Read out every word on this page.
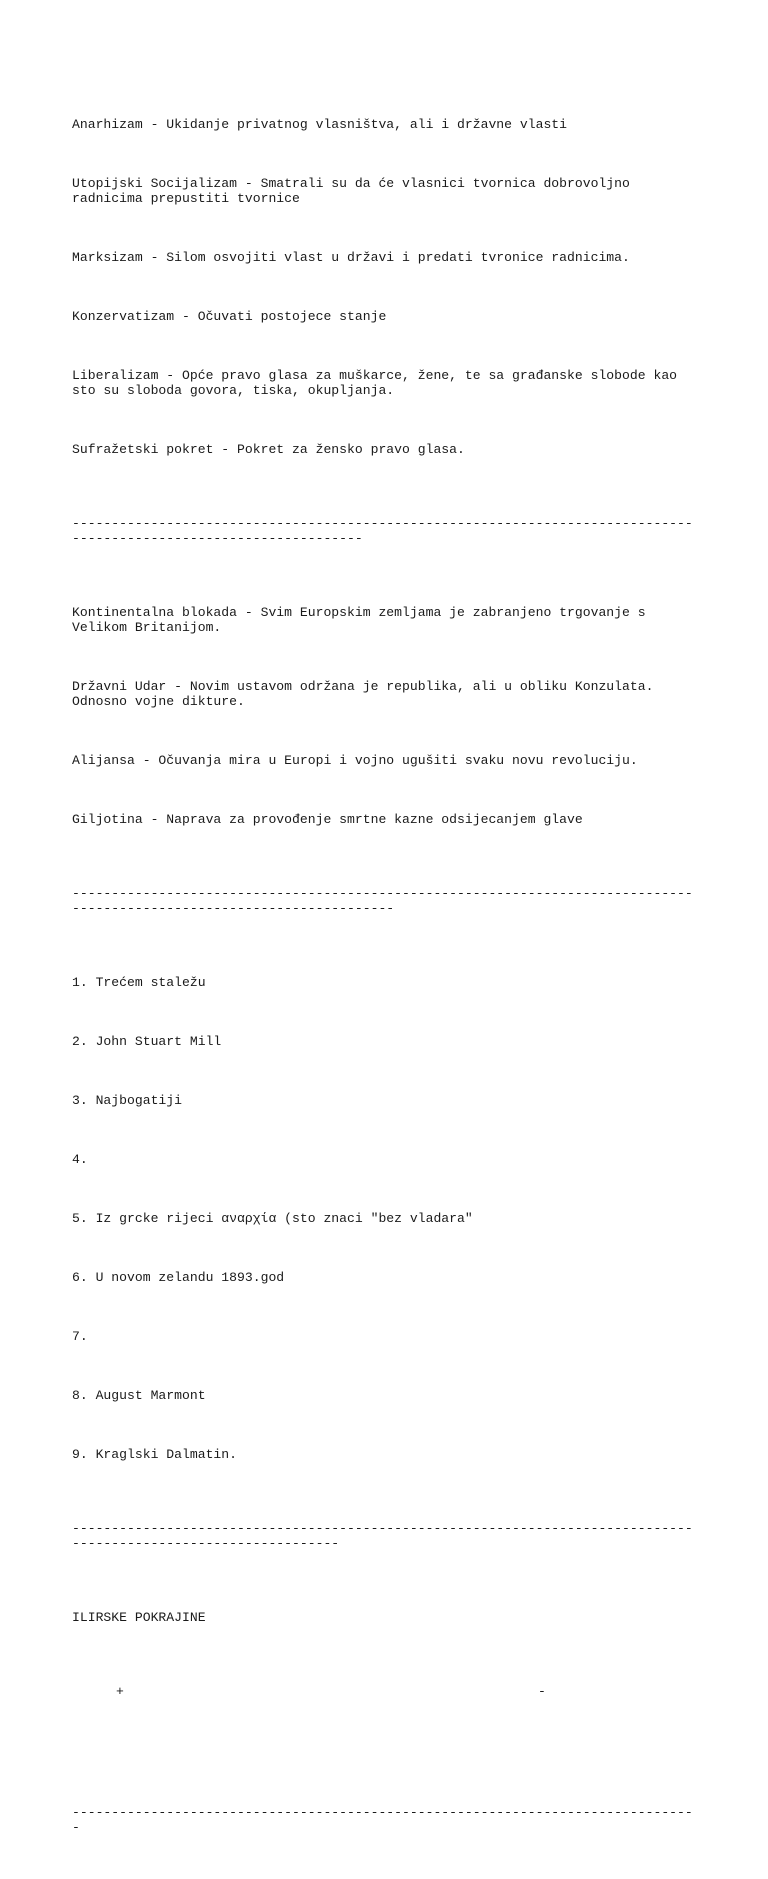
Anarhizam - Ukidanje privatnog vlasništva, ali i državne vlasti

Utopijski Socijalizam - Smatrali su da će vlasnici tvornica dobrovoljno radnicima prepustiti tvornice

Marksizam - Silom osvojiti vlast u državi i predati tvronice radnicima.

Konzervatizam - Očuvati postojece stanje

Liberalizam - Opće pravo glasa za muškarce, žene, te sa građanske slobode kao sto su sloboda govora, tiska, okupljanja.

Sufražetski pokret - Pokret za žensko pravo glasa.

--------------------------------------------------------------------------------------------------------------------

Kontinentalna blokada - Svim Europskim zemljama je zabranjeno trgovanje s Velikom Britanijom.

Državni Udar - Novim ustavom održana je republika, ali u obliku Konzulata. Odnosno vojne dikture.

Alijansa - Očuvanja mira u Europi i vojno ugušiti svaku novu revoluciju.

Giljotina - Naprava za provođenje smrtne kazne odsijecanjem glave

------------------------------------------------------------------------------------------------------------------------

1. Trećem staležu

2. John Stuart Mill

3. Najbogatiji

4.

5. Iz grcke rijeci αναρχία (sto znaci "bez vladara"

6. U novom zelandu 1893.god

7.

8. August Marmont

9. Kraglski Dalmatin.

-----------------------------------------------------------------------------------------------------------------

ILIRSKE POKRAJINE

+

	-

--------------------------------------------------------------------------------
